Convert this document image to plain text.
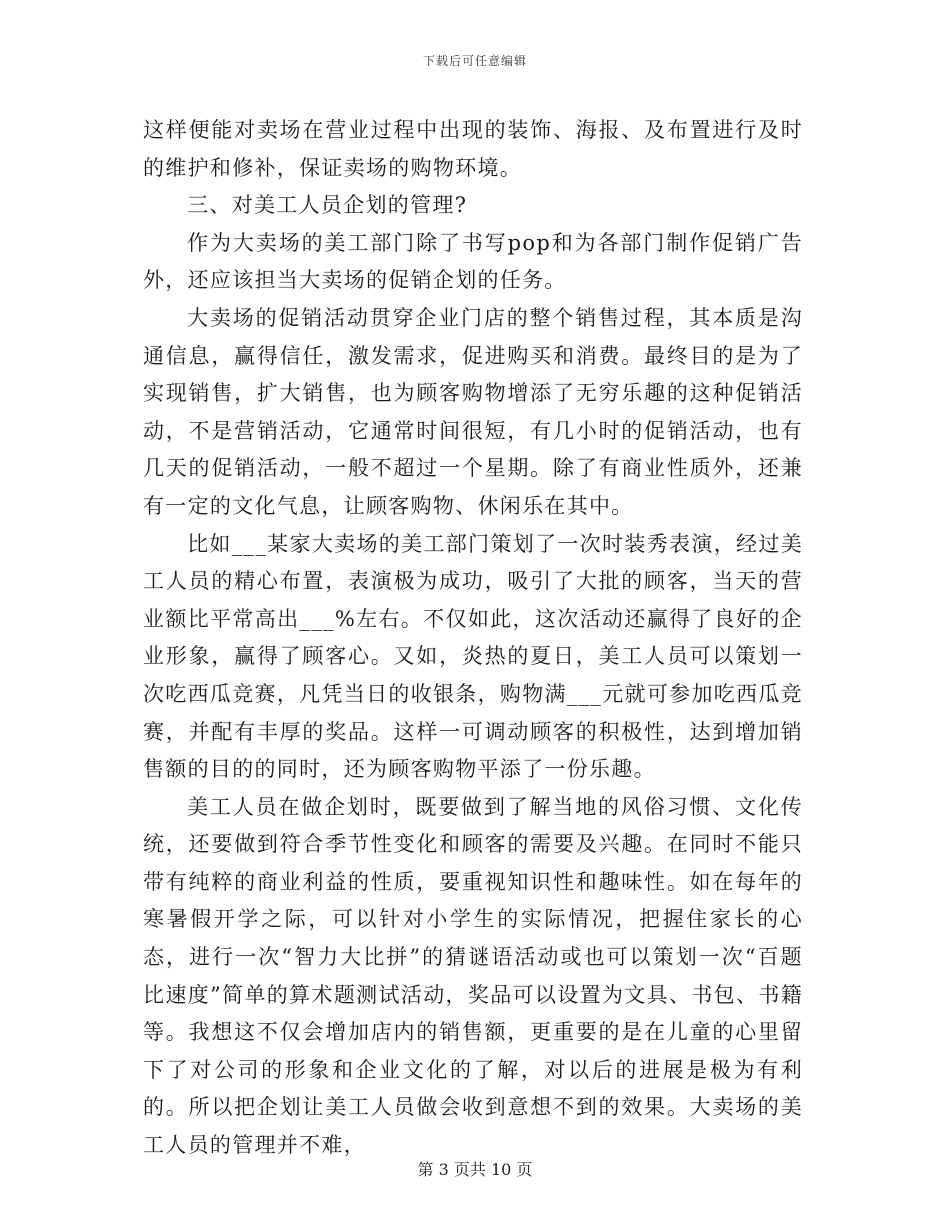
下载后可任意编辑

这样便能对卖场在营业过程中出现的装饰、海报、及布置进行及时的维护和修补，保证卖场的购物环境。

三、对美工人员企划的管理?

作为大卖场的美工部门除了书写pop和为各部门制作促销广告外，还应该担当大卖场的促销企划的任务。

大卖场的促销活动贯穿企业门店的整个销售过程，其本质是沟通信息，赢得信任，激发需求，促进购买和消费。最终目的是为了实现销售，扩大销售，也为顾客购物增添了无穷乐趣的这种促销活动，不是营销活动，它通常时间很短，有几小时的促销活动，也有几天的促销活动，一般不超过一个星期。除了有商业性质外，还兼有一定的文化气息，让顾客购物、休闲乐在其中。

比如___某家大卖场的美工部门策划了一次时装秀表演，经过美工人员的精心布置，表演极为成功，吸引了大批的顾客，当天的营业额比平常高出___%左右。不仅如此，这次活动还赢得了良好的企业形象，赢得了顾客心。又如，炎热的夏日，美工人员可以策划一次吃西瓜竞赛，凡凭当日的收银条，购物满___元就可参加吃西瓜竞赛，并配有丰厚的奖品。这样一可调动顾客的积极性，达到增加销售额的目的的同时，还为顾客购物平添了一份乐趣。

美工人员在做企划时，既要做到了解当地的风俗习惯、文化传统，还要做到符合季节性变化和顾客的需要及兴趣。在同时不能只带有纯粹的商业利益的性质，要重视知识性和趣味性。如在每年的寒暑假开学之际，可以针对小学生的实际情况，把握住家长的心态，进行一次“智力大比拼”的猜谜语活动或也可以策划一次“百题比速度”简单的算术题测试活动，奖品可以设置为文具、书包、书籍等。我想这不仅会增加店内的销售额，更重要的是在儿童的心里留下了对公司的形象和企业文化的了解，对以后的进展是极为有利的。所以把企划让美工人员做会收到意想不到的效果。大卖场的美工人员的管理并不难，

第 3 页共 10 页
